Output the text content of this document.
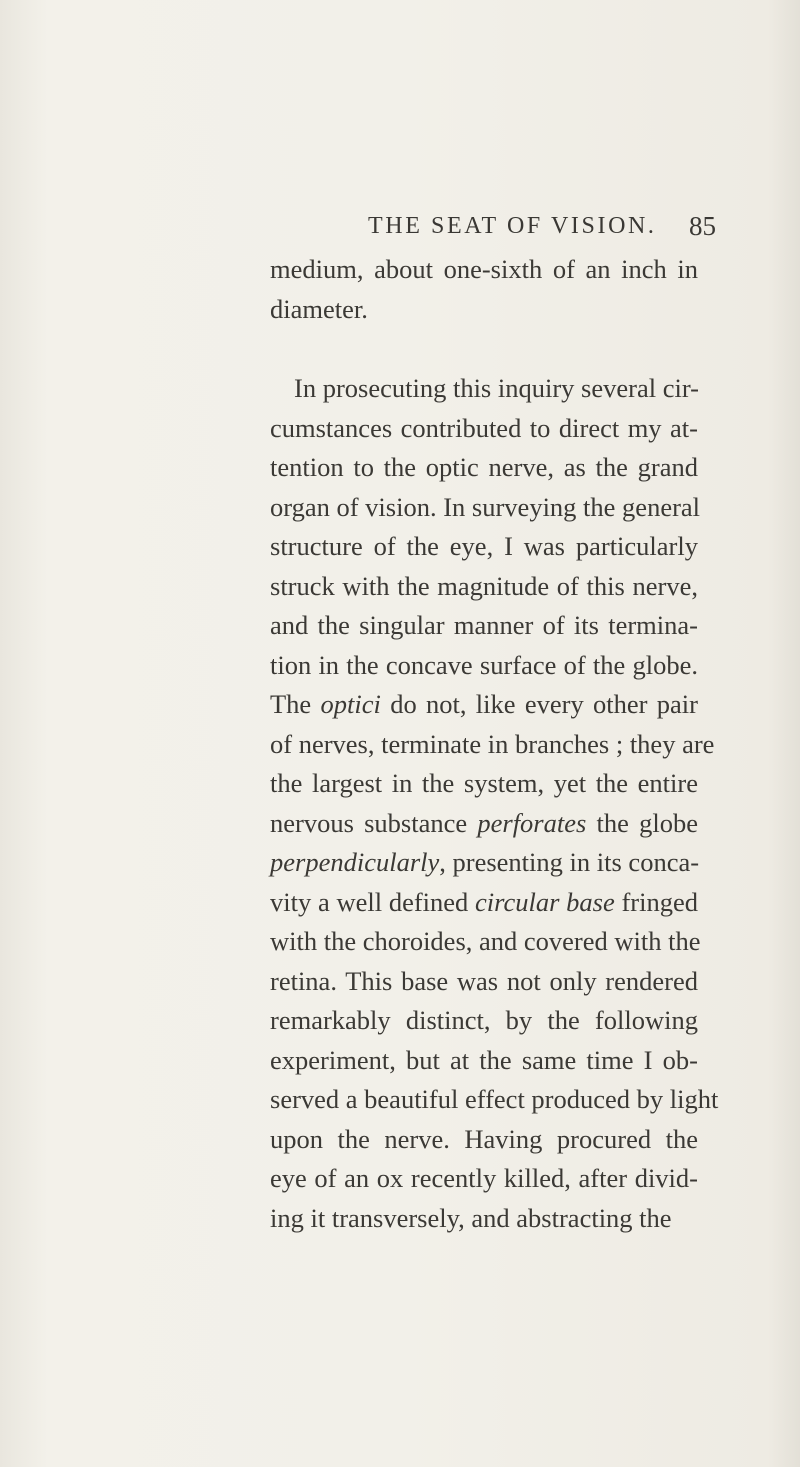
THE SEAT OF VISION. 85
medium, about one-sixth of an inch in
diameter.
In prosecuting this inquiry several cir-
cumstances contributed to direct my at-
tention to the optic nerve, as the grand
organ of vision. In surveying the general
structure of the eye, I was particularly
struck with the magnitude of this nerve,
and the singular manner of its termina-
tion in the concave surface of the globe.
The optici do not, like every other pair
of nerves, terminate in branches ; they are
the largest in the system, yet the entire
nervous substance perforates the globe
perpendicularly, presenting in its conca-
vity a well defined circular base fringed
with the choroides, and covered with the
retina. This base was not only rendered
remarkably distinct, by the following
experiment, but at the same time I ob-
served a beautiful effect produced by light
upon the nerve. Having procured the
eye of an ox recently killed, after divid-
ing it transversely, and abstracting the
